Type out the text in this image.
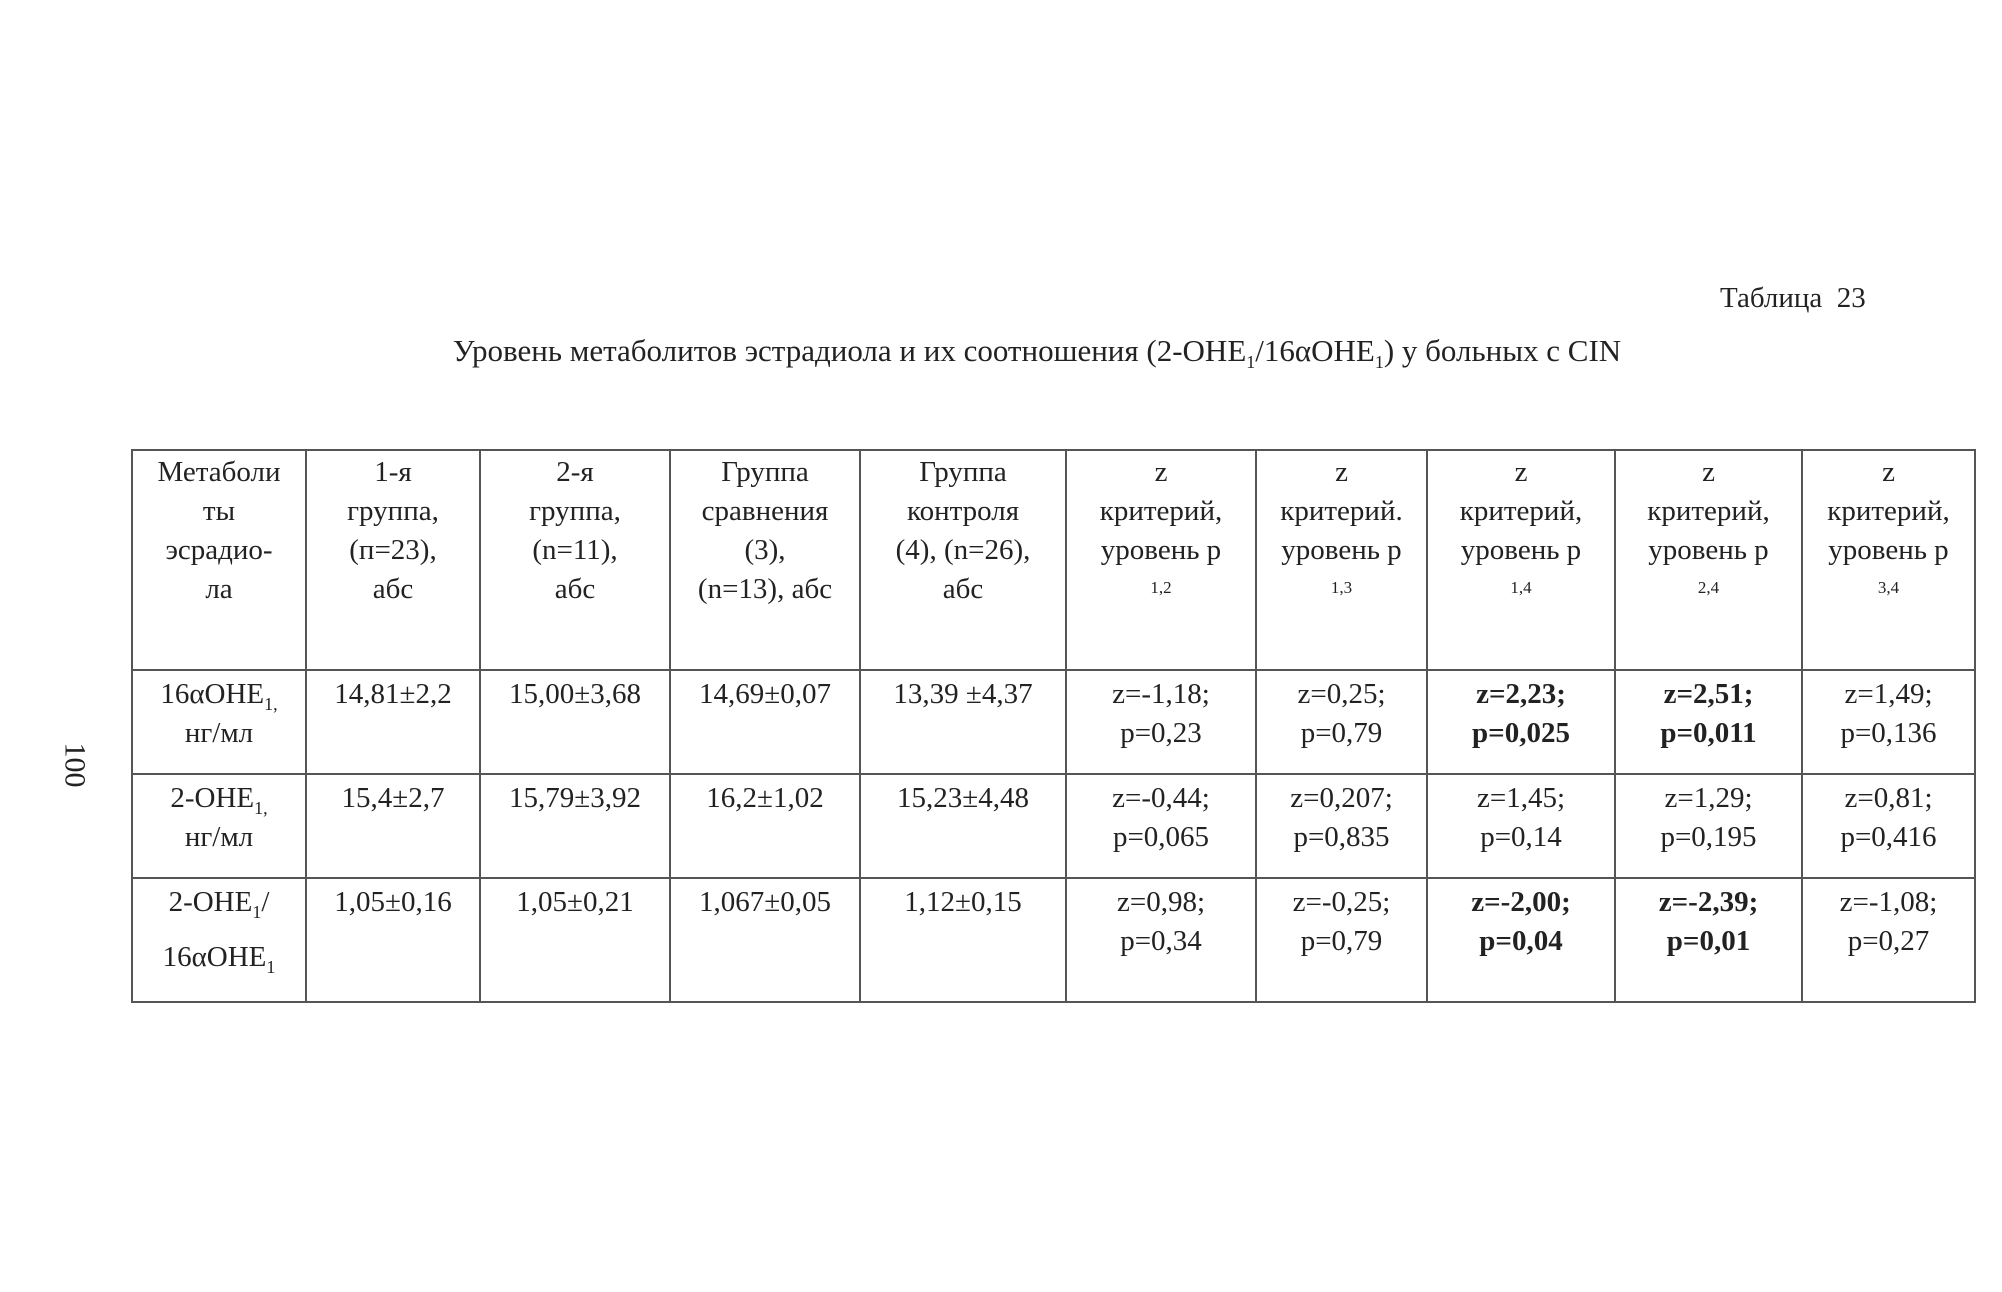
Таблица  23
Уровень метаболитов эстрадиола и их соотношения $(2-OHE_1/16\alpha OHE_1)$ у больных с CIN
100
Метаболи
ты
эсрадио-
ла	1-я
группа,
(п=23),
абс	2-я
группа,
(n=11),
абс	Группа
сравнения
(3),
(n=13), абс	Группа
контроля
(4), (n=26),
абс	z
критерий,
уровень р
1,2	z
критерий.
уровень р
1,3	z
критерий,
уровень р
1,4	z
критерий,
уровень р
2,4	z
критерий,
уровень р
3,4

16αOHE$_{1,}$
нг/мл	14,81±2,2	15,00±3,68	14,69±0,07	13,39 ±4,37	z=-1,18;
p=0,23	z=0,25;
p=0,79	z=2,23;
p=0,025	z=2,51;
p=0,011	z=1,49;
p=0,136

$2-OHE_{1,}$
нг/мл	15,4±2,7	15,79±3,92	16,2±1,02	15,23±4,48	z=-0,44;
p=0,065	z=0,207;
p=0,835	z=1,45;
p=0,14	z=1,29;
p=0,195	z=0,81;
p=0,416

$2-OHE_1/$
16αOHE$_1$	1,05±0,16	1,05±0,21	1,067±0,05	1,12±0,15	z=0,98;
p=0,34	z=-0,25;
p=0,79	z=-2,00;
p=0,04	z=-2,39;
p=0,01	z=-1,08;
p=0,27
